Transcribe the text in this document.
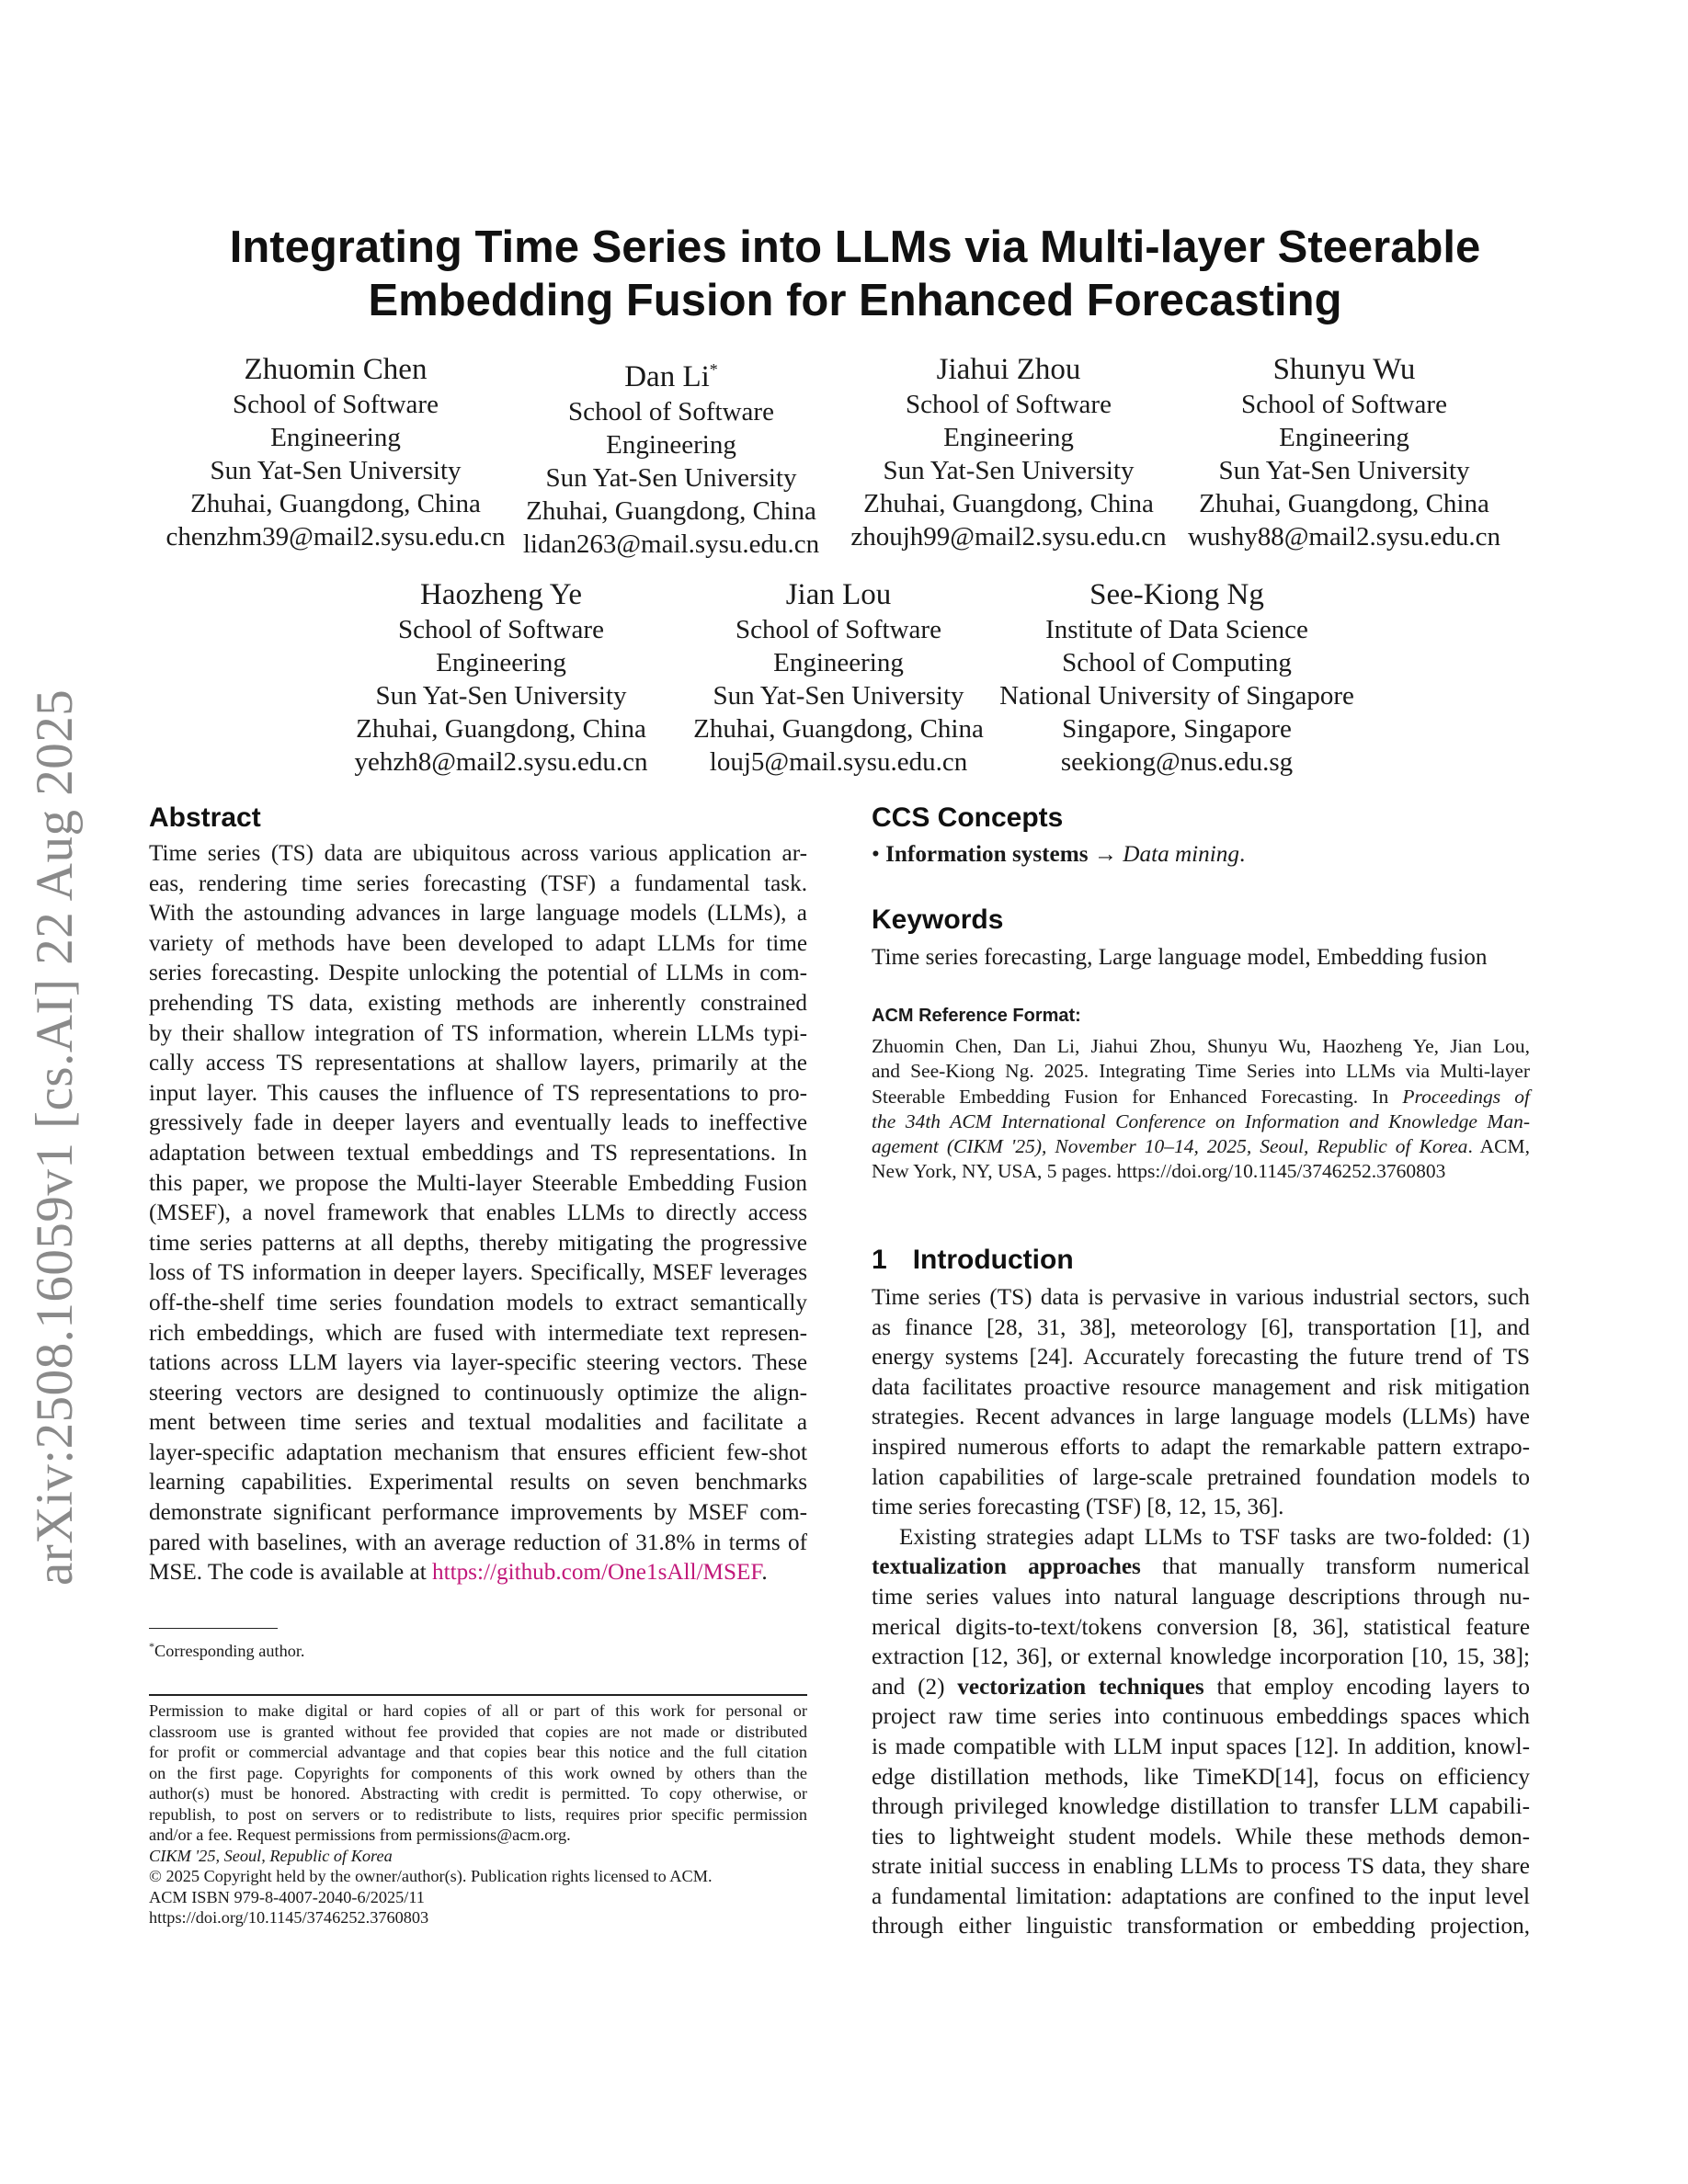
arXiv:2508.16059v1 [cs.AI] 22 Aug 2025
Integrating Time Series into LLMs via Multi-layer Steerable
Embedding Fusion for Enhanced Forecasting
Zhuomin Chen
School of Software
Engineering
Sun Yat-Sen University
Zhuhai, Guangdong, China
chenzhm39@mail2.sysu.edu.cn
Dan Li*
School of Software
Engineering
Sun Yat-Sen University
Zhuhai, Guangdong, China
lidan263@mail.sysu.edu.cn
Jiahui Zhou
School of Software
Engineering
Sun Yat-Sen University
Zhuhai, Guangdong, China
zhoujh99@mail2.sysu.edu.cn
Shunyu Wu
School of Software
Engineering
Sun Yat-Sen University
Zhuhai, Guangdong, China
wushy88@mail2.sysu.edu.cn
Haozheng Ye
School of Software
Engineering
Sun Yat-Sen University
Zhuhai, Guangdong, China
yehzh8@mail2.sysu.edu.cn
Jian Lou
School of Software
Engineering
Sun Yat-Sen University
Zhuhai, Guangdong, China
louj5@mail.sysu.edu.cn
See-Kiong Ng
Institute of Data Science
School of Computing
National University of Singapore
Singapore, Singapore
seekiong@nus.edu.sg
Abstract
Time series (TS) data are ubiquitous across various application ar-
eas, rendering time series forecasting (TSF) a fundamental task.
With the astounding advances in large language models (LLMs), a
variety of methods have been developed to adapt LLMs for time
series forecasting. Despite unlocking the potential of LLMs in com-
prehending TS data, existing methods are inherently constrained
by their shallow integration of TS information, wherein LLMs typi-
cally access TS representations at shallow layers, primarily at the
input layer. This causes the influence of TS representations to pro-
gressively fade in deeper layers and eventually leads to ineffective
adaptation between textual embeddings and TS representations. In
this paper, we propose the Multi-layer Steerable Embedding Fusion
(MSEF), a novel framework that enables LLMs to directly access
time series patterns at all depths, thereby mitigating the progressive
loss of TS information in deeper layers. Specifically, MSEF leverages
off-the-shelf time series foundation models to extract semantically
rich embeddings, which are fused with intermediate text represen-
tations across LLM layers via layer-specific steering vectors. These
steering vectors are designed to continuously optimize the align-
ment between time series and textual modalities and facilitate a
layer-specific adaptation mechanism that ensures efficient few-shot
learning capabilities. Experimental results on seven benchmarks
demonstrate significant performance improvements by MSEF com-
pared with baselines, with an average reduction of 31.8% in terms of
MSE. The code is available at https://github.com/One1sAll/MSEF.
*Corresponding author.
Permission to make digital or hard copies of all or part of this work for personal or
classroom use is granted without fee provided that copies are not made or distributed
for profit or commercial advantage and that copies bear this notice and the full citation
on the first page. Copyrights for components of this work owned by others than the
author(s) must be honored. Abstracting with credit is permitted. To copy otherwise, or
republish, to post on servers or to redistribute to lists, requires prior specific permission
and/or a fee. Request permissions from permissions@acm.org.
CIKM '25, Seoul, Republic of Korea
© 2025 Copyright held by the owner/author(s). Publication rights licensed to ACM.
ACM ISBN 979-8-4007-2040-6/2025/11
https://doi.org/10.1145/3746252.3760803
CCS Concepts
• Information systems → Data mining.
Keywords
Time series forecasting, Large language model, Embedding fusion
ACM Reference Format:
Zhuomin Chen, Dan Li, Jiahui Zhou, Shunyu Wu, Haozheng Ye, Jian Lou,
and See-Kiong Ng. 2025. Integrating Time Series into LLMs via Multi-layer
Steerable Embedding Fusion for Enhanced Forecasting. In Proceedings of
the 34th ACM International Conference on Information and Knowledge Man-
agement (CIKM '25), November 10–14, 2025, Seoul, Republic of Korea. ACM,
New York, NY, USA, 5 pages. https://doi.org/10.1145/3746252.3760803
1 Introduction
Time series (TS) data is pervasive in various industrial sectors, such
as finance [28, 31, 38], meteorology [6], transportation [1], and
energy systems [24]. Accurately forecasting the future trend of TS
data facilitates proactive resource management and risk mitigation
strategies. Recent advances in large language models (LLMs) have
inspired numerous efforts to adapt the remarkable pattern extrapo-
lation capabilities of large-scale pretrained foundation models to
time series forecasting (TSF) [8, 12, 15, 36].
Existing strategies adapt LLMs to TSF tasks are two-folded: (1)
textualization approaches that manually transform numerical
time series values into natural language descriptions through nu-
merical digits-to-text/tokens conversion [8, 36], statistical feature
extraction [12, 36], or external knowledge incorporation [10, 15, 38];
and (2) vectorization techniques that employ encoding layers to
project raw time series into continuous embeddings spaces which
is made compatible with LLM input spaces [12]. In addition, knowl-
edge distillation methods, like TimeKD[14], focus on efficiency
through privileged knowledge distillation to transfer LLM capabili-
ties to lightweight student models. While these methods demon-
strate initial success in enabling LLMs to process TS data, they share
a fundamental limitation: adaptations are confined to the input level
through either linguistic transformation or embedding projection,
